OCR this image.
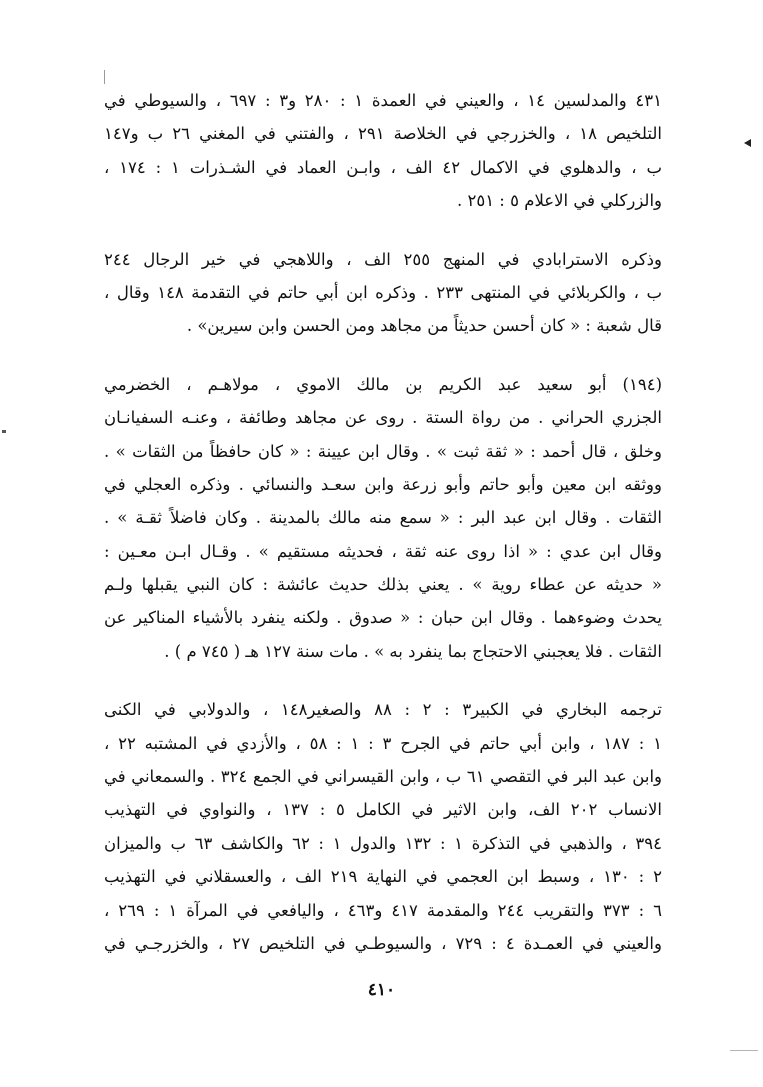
٤٣١ والمدلسين ١٤ ، والعيني في العمدة ١ : ٢٨٠ و٣ : ٦٩٧ ، والسيوطي في
التلخيص ١٨ ، والخزرجي في الخلاصة ٢٩١ ، والفتني في المغني ٢٦ ب و١٤٧
ب ، والدهلوي في الاكمال ٤٢ الف ، وابـن العماد في الشـذرات ١ : ١٧٤ ،
والزركلي في الاعلام ٥ : ٢٥١ .
وذكره الاسترابادي في المنهج ٢٥٥ الف ، واللاهجي في خير الرجال ٢٤٤
ب ، والكربلائي في المنتهى ٢٣٣ . وذكره ابن أبي حاتم في التقدمة ١٤٨ وقال ،
قال شعبة : « كان أحسن حديثاً من مجاهد ومن الحسن وابن سيرين» .
(١٩٤) أبو سعيد عبد الكريم بن مالك الاموي ، مولاهـم ، الخضرمي
الجزري الحراني . من رواة الستة . روى عن مجاهد وطائفة ، وعنـه السفيانـان
وخلق ، قال أحمد : « ثقة ثبت » . وقال ابن عيينة : « كان حافظاً من الثقات » .
ووثقه ابن معين وأبو حاتم وأبو زرعة وابن سعـد والنسائي . وذكره العجلي في
الثقات . وقال ابن عبد البر : « سمع منه مالك بالمدينة . وكان فاضلاً ثقـة » .
وقال ابن عدي : « اذا روى عنه ثقة ، فحديثه مستقيم » . وقـال ابـن معـين :
« حديثه عن عطاء روية » . يعني بذلك حديث عائشة : كان النبي يقبلها ولـم
يحدث وضوءهما . وقال ابن حبان : « صدوق . ولكنه ينفرد بالأشياء المناكير عن
الثقات . فلا يعجبني الاحتجاج بما ينفرد به » . مات سنة ١٢٧ هـ ( ٧٤٥ م ) .
ترجمه البخاري في الكبير٣ : ٢ : ٨٨ والصغير١٤٨ ، والدولابي في الكنى
١ : ١٨٧ ، وابن أبي حاتم في الجرح ٣ : ١ : ٥٨ ، والأزدي في المشتبه ٢٢ ،
وابن عبد البر في التقصي ٦١ ب ، وابن القيسراني في الجمع ٣٢٤ . والسمعاني في
الانساب ٢٠٢ الف، وابن الاثير في الكامل ٥ : ١٣٧ ، والنواوي في التهذيب
٣٩٤ ، والذهبي في التذكرة ١ : ١٣٢ والدول ١ : ٦٢ والكاشف ٦٣ ب والميزان
٢ : ١٣٠ ، وسبط ابن العجمي في النهاية ٢١٩ الف ، والعسقلاني في التهذيب
٦ : ٣٧٣ والتقريب ٢٤٤ والمقدمة ٤١٧ و٤٦٣ ، واليافعي في المرآة ١ : ٢٦٩ ،
والعيني في العمـدة ٤ : ٧٢٩ ، والسيوطـي في التلخيص ٢٧ ، والخزرجـي في
٤١٠
